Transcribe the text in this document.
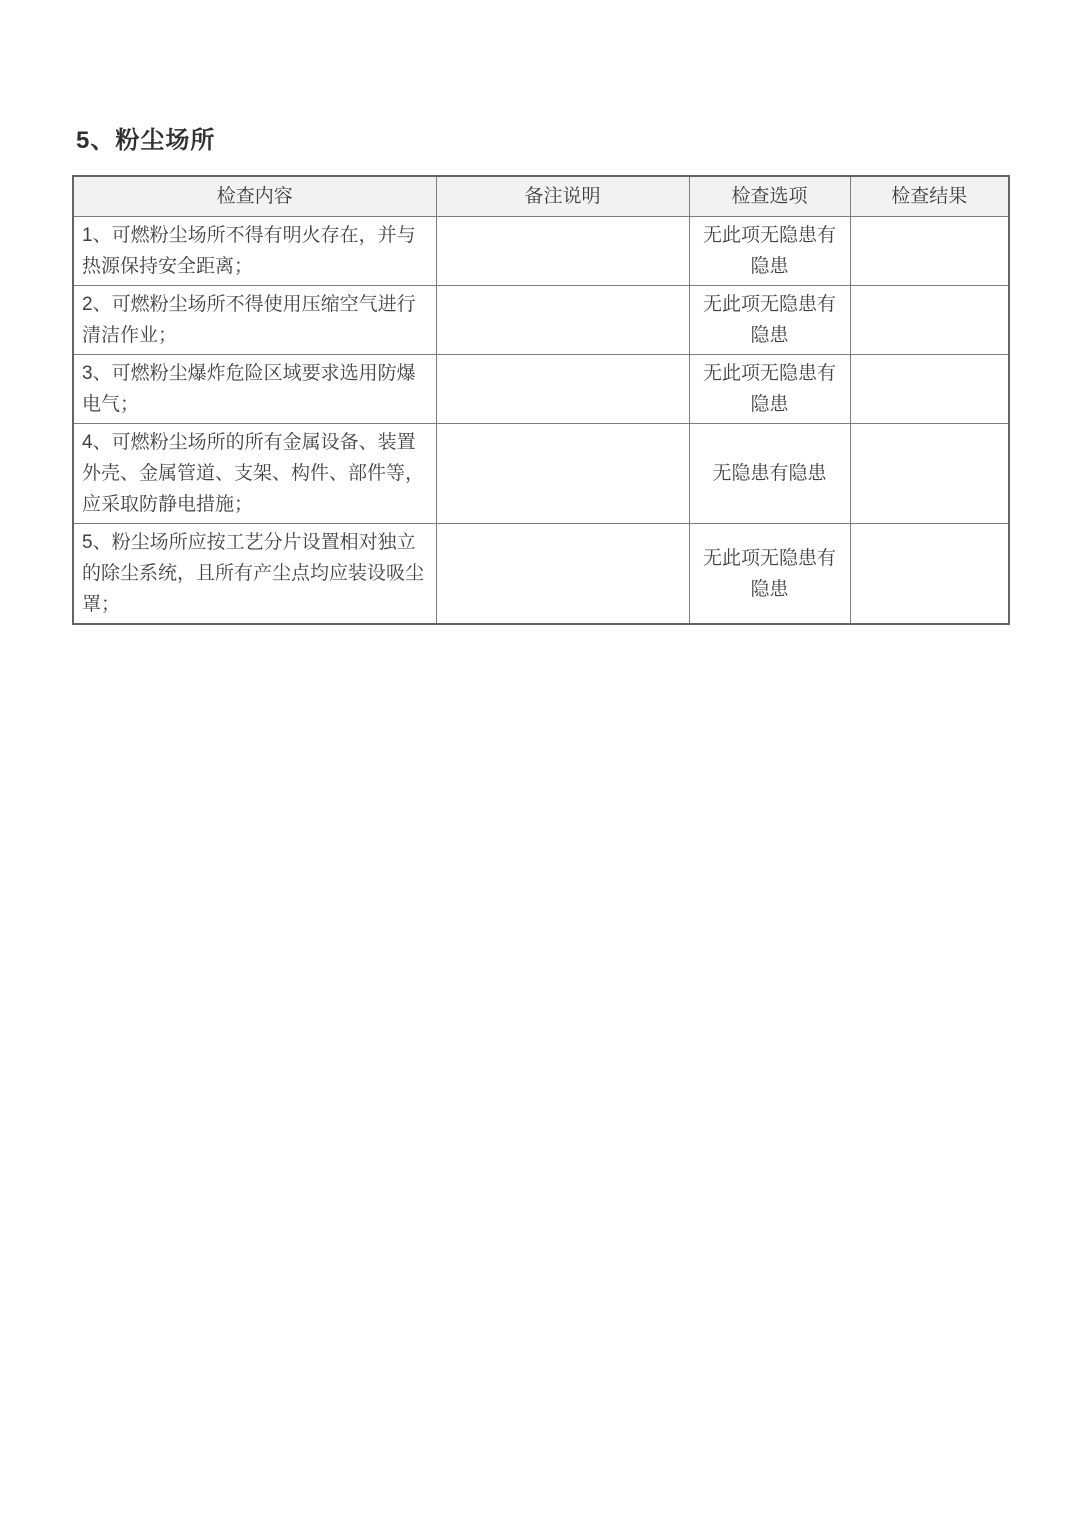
5、粉尘场所
检查内容	备注说明	检查选项	检查结果
1、可燃粉尘场所不得有明火存在，并与热源保持安全距离；		无此项无隐患有隐患	
2、可燃粉尘场所不得使用压缩空气进行清洁作业；		无此项无隐患有隐患	
3、可燃粉尘爆炸危险区域要求选用防爆电气；		无此项无隐患有隐患	
4、可燃粉尘场所的所有金属设备、装置外壳、金属管道、支架、构件、部件等，应采取防静电措施；		无隐患有隐患	
5、粉尘场所应按工艺分片设置相对独立的除尘系统，且所有产尘点均应装设吸尘罩；		无此项无隐患有隐患	
